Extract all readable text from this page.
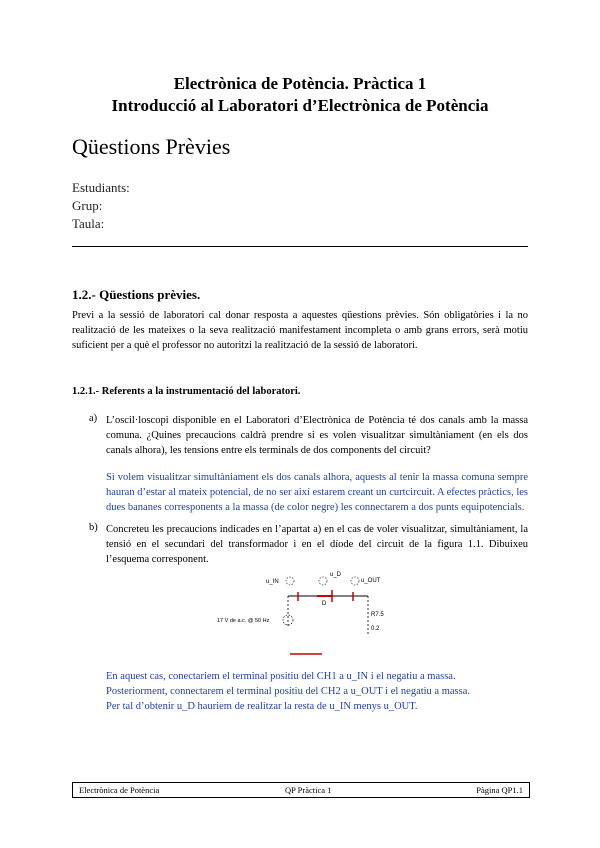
Electrònica de Potència. Pràctica 1
Introducció al Laboratori d’Electrònica de Potència
Qüestions Prèvies
Estudiants:
Grup:
Taula:
1.2.- Qüestions prèvies.
Previ a la sessió de laboratori cal donar resposta a aquestes qüestions prèvies. Són obligatòries i la no realització de les mateixes o la seva realització manifestament incompleta o amb grans errors, serà motiu suficient per a què el professor no autoritzi la realització de la sessió de laboratori.
1.2.1.- Referents a la instrumentació del laboratori.
a) L’oscil·loscopi disponible en el Laboratori d’Electrònica de Potència té dos canals amb la massa comuna. ¿Quines precaucions caldrà prendre si es volen visualitzar simultàniament (en els dos canals alhora), les tensions entre els terminals de dos components del circuit?
Si volem visualitzar simultàniament els dos canals alhora, aquests al tenir la massa comuna sempre hauran d’estar al mateix potencial, de no ser així estarem creant un curtcircuit. A efectes pràctics, les dues bananes corresponents a la massa (de color negre) les connectarem a dos punts equipotencials.
b) Concreteu les precaucions indicades en l’apartat a) en el cas de voler visualitzar, simultàniament, la tensió en el secundari del transformador i en el díode del circuit de la figura 1.1. Dibuixeu l’esquema corresponent.
u_IN
u_D
u_OUT
D
17 V de a.c. @ 50 Hz
R7.5
0.2
En aquest cas, conectariem el terminal positiu del CH1 a u_IN i el negatiu a massa.
Posteriorment, connectarem el terminal positiu del CH2 a u_OUT i el negatiu a massa.
Per tal d’obtenir u_D hauriem de realitzar la resta de u_IN menys u_OUT.
Electrònica de Potència	QP Pràctica 1	Pàgina QP1.1
